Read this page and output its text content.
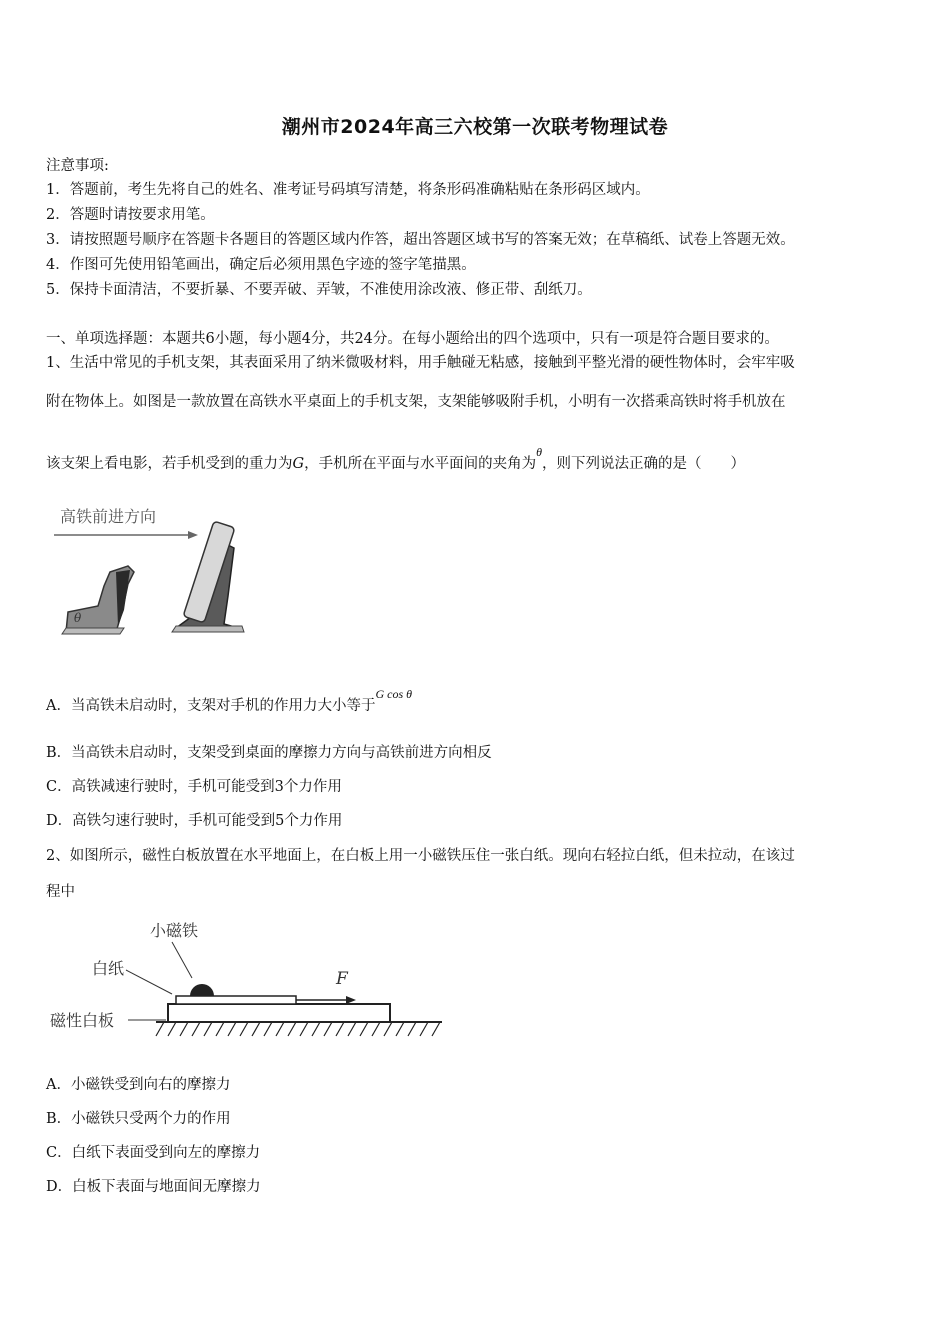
潮州市2024年高三六校第一次联考物理试卷
注意事项:
1．答题前，考生先将自己的姓名、准考证号码填写清楚，将条形码准确粘贴在条形码区域内。
2．答题时请按要求用笔。
3．请按照题号顺序在答题卡各题目的答题区域内作答，超出答题区域书写的答案无效；在草稿纸、试卷上答题无效。
4．作图可先使用铅笔画出，确定后必须用黑色字迹的签字笔描黑。
5．保持卡面清洁，不要折暴、不要弄破、弄皱，不准使用涂改液、修正带、刮纸刀。
一、单项选择题：本题共6小题，每小题4分，共24分。在每小题给出的四个选项中，只有一项是符合题目要求的。
1、生活中常见的手机支架，其表面采用了纳米微吸材料，用手触碰无粘感，接触到平整光滑的硬性物体时，会牢牢吸
附在物体上。如图是一款放置在高铁水平桌面上的手机支架，支架能够吸附手机，小明有一次搭乘高铁时将手机放在
该支架上看电影，若手机受到的重力为G，手机所在平面与水平面间的夹角为$^\theta$，则下列说法正确的是（　　）
高铁前进方向
θ
A．当高铁未启动时，支架对手机的作用力大小等于$^{G cos \theta}$
B．当高铁未启动时，支架受到桌面的摩擦力方向与高铁前进方向相反
C．高铁减速行驶时，手机可能受到3个力作用
D．高铁匀速行驶时，手机可能受到5个力作用
2、如图所示，磁性白板放置在水平地面上，在白板上用一小磁铁压住一张白纸。现向右轻拉白纸，但未拉动，在该过
程中
小磁铁
白纸
磁性白板
F
A．小磁铁受到向右的摩擦力
B．小磁铁只受两个力的作用
C．白纸下表面受到向左的摩擦力
D．白板下表面与地面间无摩擦力
